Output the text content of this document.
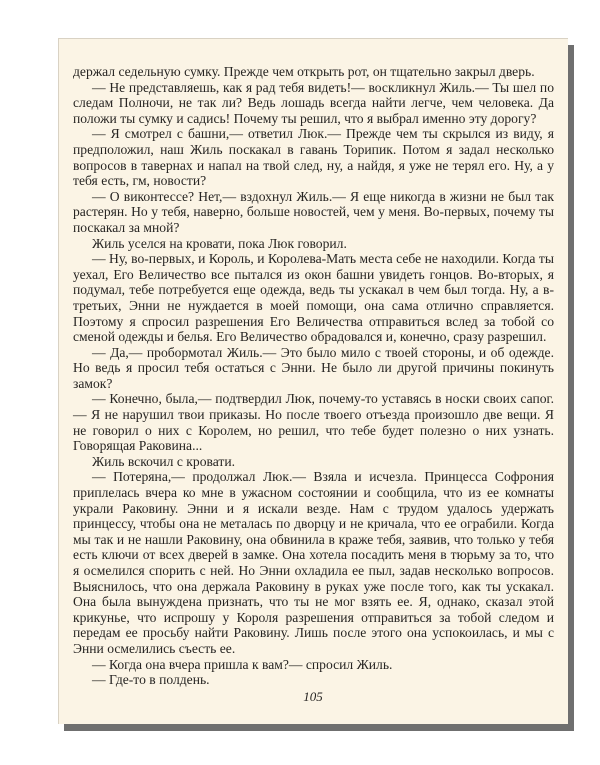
держал седельную сумку. Прежде чем открыть рот, он тщательно закрыл дверь.

— Не представляешь, как я рад тебя видеть!— воскликнул Жиль.— Ты шел по следам Полночи, не так ли? Ведь лошадь всегда найти легче, чем человека. Да положи ты сумку и садись! Почему ты решил, что я выбрал именно эту дорогу?

— Я смотрел с башни,— ответил Люк.— Прежде чем ты скрылся из виду, я предположил, наш Жиль поскакал в гавань Торипик. Потом я задал несколько вопросов в тавернах и напал на твой след, ну, а найдя, я уже не терял его. Ну, а у тебя есть, гм, новости?

— О виконтессе? Нет,— вздохнул Жиль.— Я еще никогда в жизни не был так растерян. Но у тебя, наверно, больше новостей, чем у меня. Во-первых, почему ты поскакал за мной?

Жиль уселся на кровати, пока Люк говорил.

— Ну, во-первых, и Король, и Королева-Мать места себе не находили. Когда ты уехал, Его Величество все пытался из окон башни увидеть гонцов. Во-вторых, я подумал, тебе потребуется еще одежда, ведь ты ускакал в чем был тогда. Ну, а в-третьих, Энни не нуждается в моей помощи, она сама отлично справляется. Поэтому я спросил разрешения Его Величества отправиться вслед за тобой со сменой одежды и белья. Его Величество обрадовался и, конечно, сразу разрешил.

— Да,— пробормотал Жиль.— Это было мило с твоей стороны, и об одежде. Но ведь я просил тебя остаться с Энни. Не было ли другой причины покинуть замок?

— Конечно, была,— подтвердил Люк, почему-то уставясь в носки своих сапог.— Я не нарушил твои приказы. Но после твоего отъезда произошло две вещи. Я не говорил о них с Королем, но решил, что тебе будет полезно о них узнать. Говорящая Раковина...

Жиль вскочил с кровати.

— Потеряна,— продолжал Люк.— Взяла и исчезла. Принцесса Софрония приплелась вчера ко мне в ужасном состоянии и сообщила, что из ее комнаты украли Раковину. Энни и я искали везде. Нам с трудом удалось удержать принцессу, чтобы она не металась по дворцу и не кричала, что ее ограбили. Когда мы так и не нашли Раковину, она обвинила в краже тебя, заявив, что только у тебя есть ключи от всех дверей в замке. Она хотела посадить меня в тюрьму за то, что я осмелился спорить с ней. Но Энни охладила ее пыл, задав несколько вопросов. Выяснилось, что она держала Раковину в руках уже после того, как ты ускакал. Она была вынуждена признать, что ты не мог взять ее. Я, однако, сказал этой крикунье, что испрошу у Короля разрешения отправиться за тобой следом и передам ее просьбу найти Раковину. Лишь после этого она успокоилась, и мы с Энни осмелились съесть ее.

— Когда она вчера пришла к вам?— спросил Жиль.

— Где-то в полдень.

105
